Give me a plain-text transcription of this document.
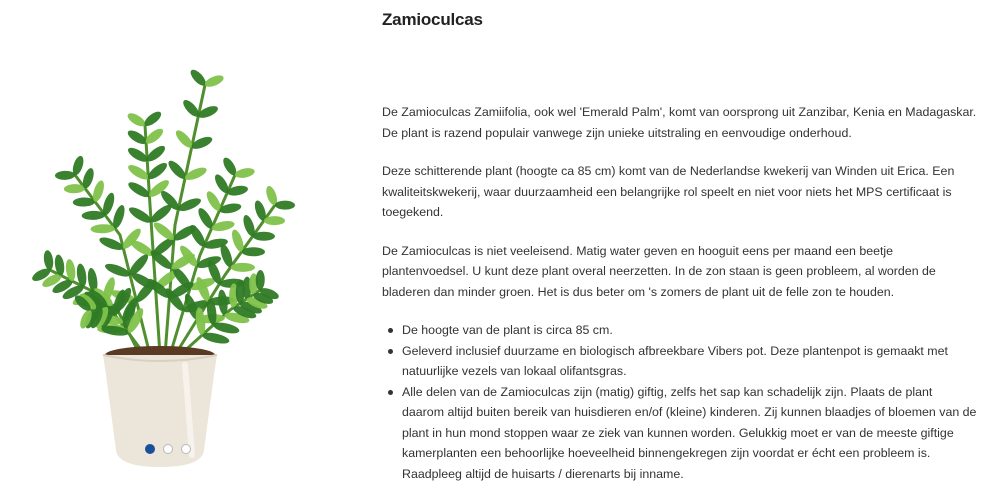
Zamioculcas

De Zamioculcas Zamiifolia, ook wel 'Emerald Palm', komt van oorsprong uit Zanzibar, Kenia en Madagaskar. De plant is razend populair vanwege zijn unieke uitstraling en eenvoudige onderhoud.

Deze schitterende plant (hoogte ca 85 cm) komt van de Nederlandse kwekerij van Winden uit Erica. Een kwaliteitskwekerij, waar duurzaamheid een belangrijke rol speelt en niet voor niets het MPS certificaat is toegekend.

De Zamioculcas is niet veeleisend. Matig water geven en hooguit eens per maand een beetje plantenvoedsel. U kunt deze plant overal neerzetten. In de zon staan is geen probleem, al worden de bladeren dan minder groen. Het is dus beter om 's zomers de plant uit de felle zon te houden.

De hoogte van de plant is circa 85 cm.
Geleverd inclusief duurzame en biologisch afbreekbare Vibers pot. Deze plantenpot is gemaakt met natuurlijke vezels van lokaal olifantsgras.
Alle delen van de Zamioculcas zijn (matig) giftig, zelfs het sap kan schadelijk zijn. Plaats de plant daarom altijd buiten bereik van huisdieren en/of (kleine) kinderen. Zij kunnen blaadjes of bloemen van de plant in hun mond stoppen waar ze ziek van kunnen worden. Gelukkig moet er van de meeste giftige kamerplanten een behoorlijke hoeveelheid binnengekregen zijn voordat er écht een probleem is. Raadpleeg altijd de huisarts / dierenarts bij inname.
